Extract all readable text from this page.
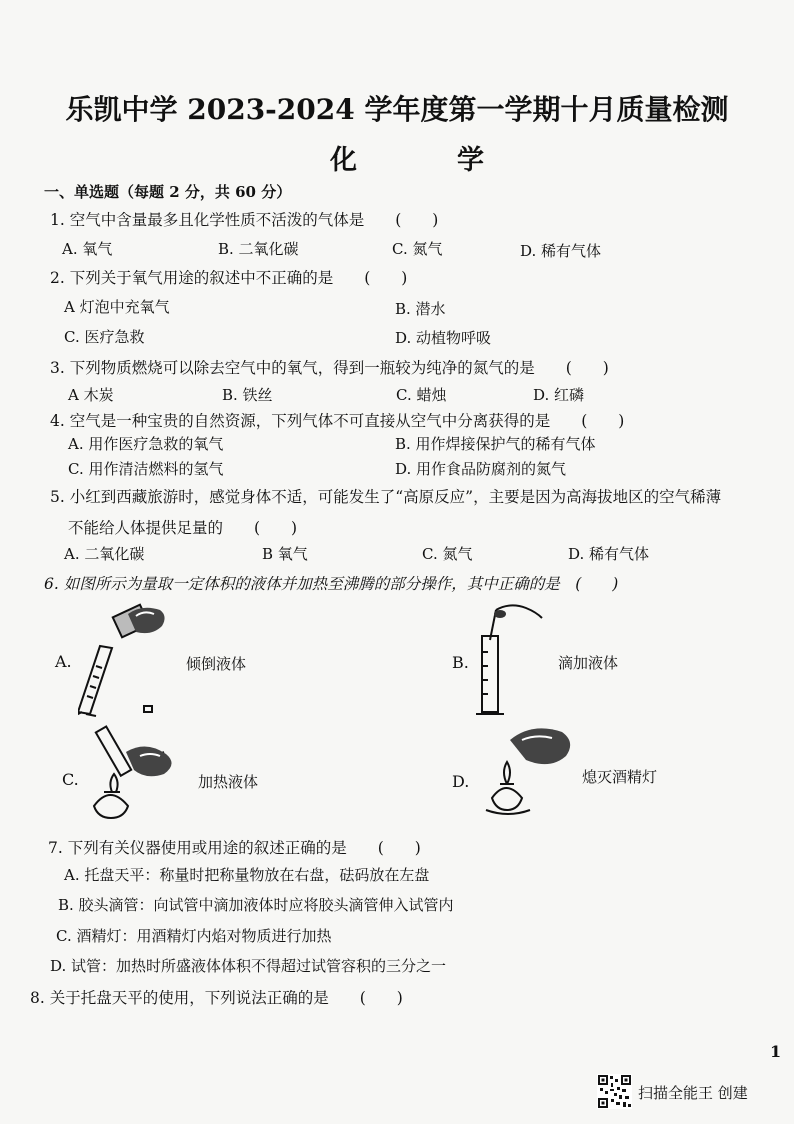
乐凯中学 2023-2024 学年度第一学期十月质量检测
化学
一、单选题（每题 2 分，共 60 分）
1. 空气中含量最多且化学性质不活泼的气体是　　(　　)
A. 氧气	B. 二氧化碳	C. 氮气	D. 稀有气体
2. 下列关于氧气用途的叙述中不正确的是　　(　　)
A 灯泡中充氧气	B. 潜水
C. 医疗急救	D. 动植物呼吸
3. 下列物质燃烧可以除去空气中的氧气，得到一瓶较为纯净的氮气的是　　(　　)
A 木炭	B. 铁丝	C. 蜡烛	D. 红磷
4. 空气是一种宝贵的自然资源，下列气体不可直接从空气中分离获得的是　　(　　)
A. 用作医疗急救的氧气	B. 用作焊接保护气的稀有气体
C. 用作清洁燃料的氢气	D. 用作食品防腐剂的氮气
5. 小红到西藏旅游时，感觉身体不适，可能发生了“高原反应”，主要是因为高海拔地区的空气稀薄
不能给人体提供足量的　　(　　)
A. 二氧化碳	B 氧气	C. 氮气	D. 稀有气体
6. 如图所示为量取一定体积的液体并加热至沸腾的部分操作，其中正确的是　(　　)
A.	倾倒液体	B.	滴加液体
C.	加热液体	D.	熄灭酒精灯
7. 下列有关仪器使用或用途的叙述正确的是　　(　　)
A. 托盘天平：称量时把称量物放在右盘，砝码放在左盘
B. 胶头滴管：向试管中滴加液体时应将胶头滴管伸入试管内
C. 酒精灯：用酒精灯内焰对物质进行加热
D. 试管：加热时所盛液体体积不得超过试管容积的三分之一
8. 关于托盘天平的使用，下列说法正确的是　　(　　)
1
扫描全能王 创建
